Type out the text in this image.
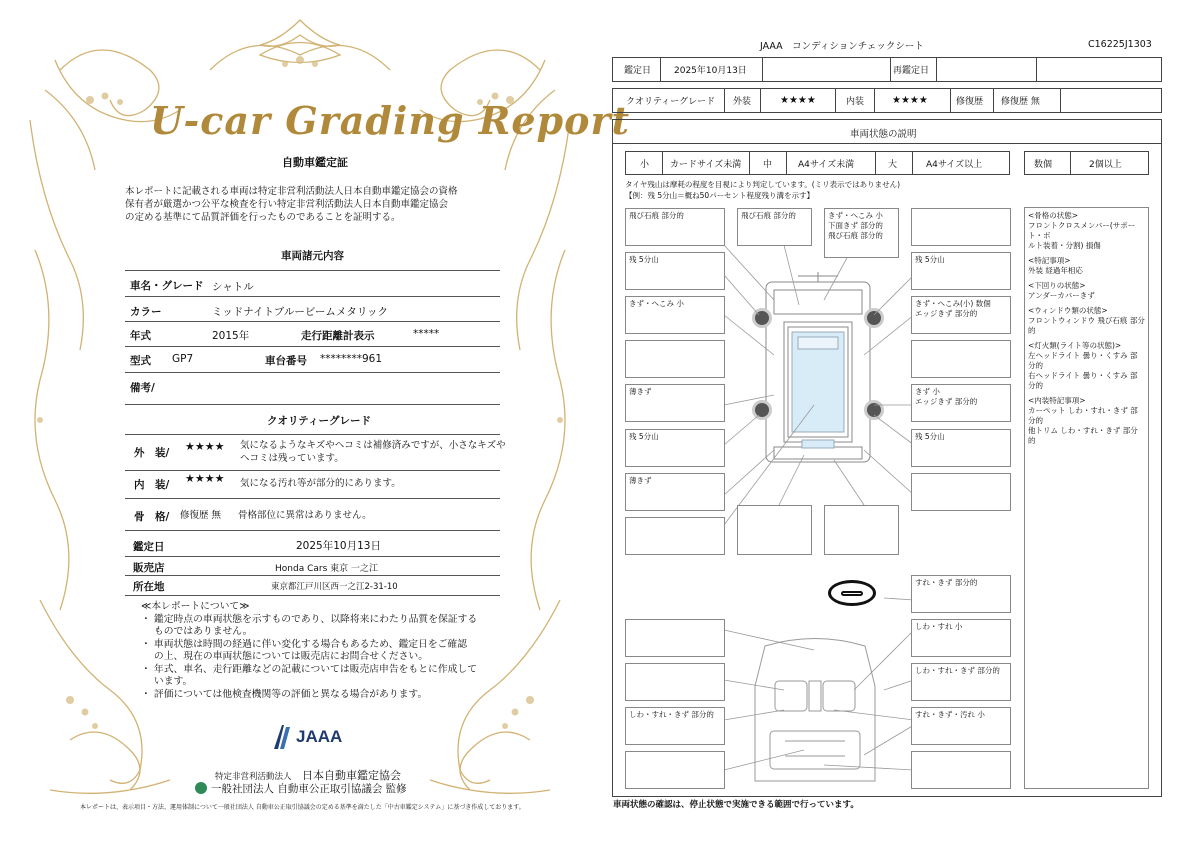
U-car Grading Report
自動車鑑定証
本レポートに記載される車両は特定非営利活動法人日本自動車鑑定協会の資格
保有者が厳選かつ公平な検査を行い特定非営利活動法人日本自動車鑑定協会
の定める基準にて品質評価を行ったものであることを証明する。
車両諸元内容
車名・グレード シャトル
カラー	ミッドナイトブルービームメタリック
年式	2015年	走行距離計表示	*****
型式 GP7	車台番号 ********961
備考/
クオリティーグレード
外　装/ ★★★★ 気になるようなキズやヘコミは補修済みですが、小さなキズや
ヘコミは残っています。
内　装/ ★★★★ 気になる汚れ等が部分的にあります。
骨　格/ 修復歴 無 骨格部位に異常はありません。
鑑定日	2025年10月13日
販売店	Honda Cars 東京 一之江
所在地	東京都江戸川区西一之江2-31-10
≪本レポートについて≫
・ 鑑定時点の車両状態を示すものであり、以降将来にわたり品質を保証する
　 ものではありません。
・ 車両状態は時間の経過に伴い変化する場合もあるため、鑑定日をご確認
　 の上、現在の車両状態については販売店にお問合せください。
・ 年式、車名、走行距離などの記載については販売店申告をもとに作成して
　 います。
・ 評価については他検査機関等の評価と異なる場合があります。
JAAA
特定非営利活動法人 日本自動車鑑定協会
一般社団法人 自動車公正取引協議会 監修
本レポートは、表示項目・方法、運用体制について一般社団法人 自動車公正取引協議会の定める基準を満たした「中古車鑑定システム」に基づき作成しております。
JAAA　コンディションチェックシート	C16225J1303
鑑定日	2025年10月13日	再鑑定日
クオリティーグレード 外装	★★★★	内装	★★★★	修復歴 修復歴 無
車両状態の説明
小 カードサイズ未満 中	A4サイズ未満	大	A4サイズ以上	数個	2個以上
タイヤ残山は摩耗の程度を目視により判定しています。(ミリ表示ではありません)
【例：残 5分山＝概ね50パーセント程度残り溝を示す】
飛び石痕 部分的	飛び石痕 部分的	きず・へこみ 小
下面きず 部分的
飛び石痕 部分的
残 5分山	残 5分山
きず・へこみ 小	きず・へこみ(小) 数個
エッジきず 部分的
薄きず	きず 小
エッジきず 部分的
残 5分山	残 5分山
薄きず
すれ・きず 部分的
しわ・すれ 小
しわ・すれ・きず 部分的
しわ・すれ・きず 部分的	すれ・きず・汚れ 小
<骨格の状態>
フロントクロスメンバー(サポート・ボ
ルト装着・分割) 損傷
<特記事項>
外装 経過年相応
<下回りの状態>
アンダーカバーきず
<ウィンドウ類の状態>
フロントウィンドウ 飛び石痕 部分的
<灯火類(ライト等の状態)>
左ヘッドライト 曇り・くすみ 部分的
右ヘッドライト 曇り・くすみ 部分的
<内装特記事項>
カーペット しわ・すれ・きず 部分的
他トリム しわ・すれ・きず 部分的
車両状態の確認は、停止状態で実施できる範囲で行っています。
